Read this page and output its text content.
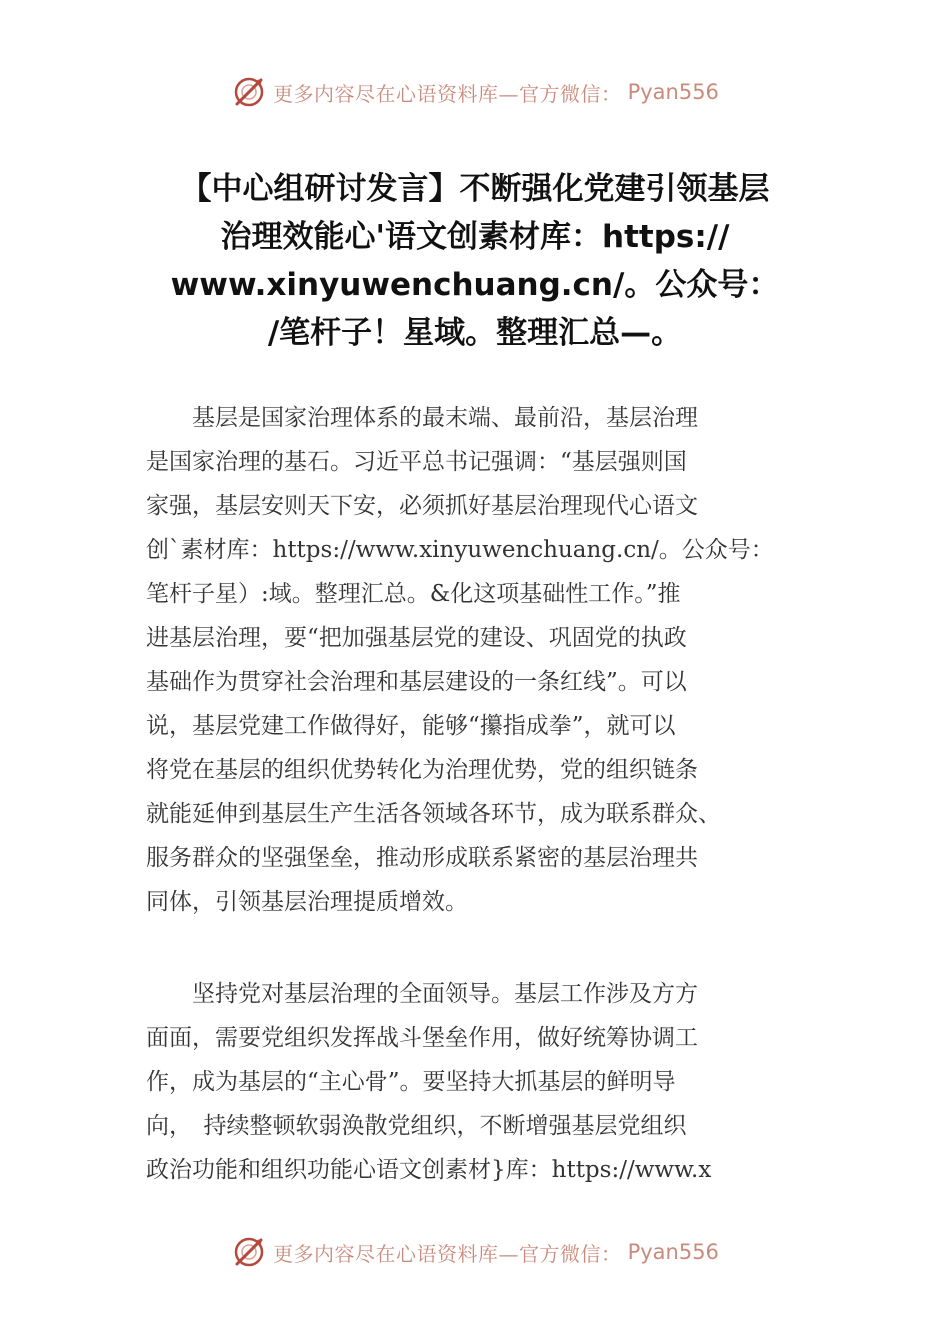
更多内容尽在心语资料库—官方微信： Pyan556
【中心组研讨发言】不断强化党建引领基层
治理效能心'语文创素材库：https://
www.xinyuwenchuang.cn/。公众号：
/笔杆子！星域。整理汇总—。

　　基层是国家治理体系的最末端、最前沿，基层治理
是国家治理的基石。习近平总书记强调：“基层强则国
家强，基层安则天下安，必须抓好基层治理现代心语文
创`素材库：https://www.xinyuwenchuang.cn/。公众号：
笔杆子星）:域。整理汇总。&化这项基础性工作。”推
进基层治理，要“把加强基层党的建设、巩固党的执政
基础作为贯穿社会治理和基层建设的一条红线”。可以
说，基层党建工作做得好，能够“攥指成拳”，就可以
将党在基层的组织优势转化为治理优势，党的组织链条
就能延伸到基层生产生活各领域各环节，成为联系群众、
服务群众的坚强堡垒，推动形成联系紧密的基层治理共
同体，引领基层治理提质增效。

　　坚持党对基层治理的全面领导。基层工作涉及方方
面面，需要党组织发挥战斗堡垒作用，做好统筹协调工
作，成为基层的“主心骨”。要坚持大抓基层的鲜明导
向，　持续整顿软弱涣散党组织，不断增强基层党组织
政治功能和组织功能心语文创素材}库：https://www.x

更多内容尽在心语资料库—官方微信： Pyan556
